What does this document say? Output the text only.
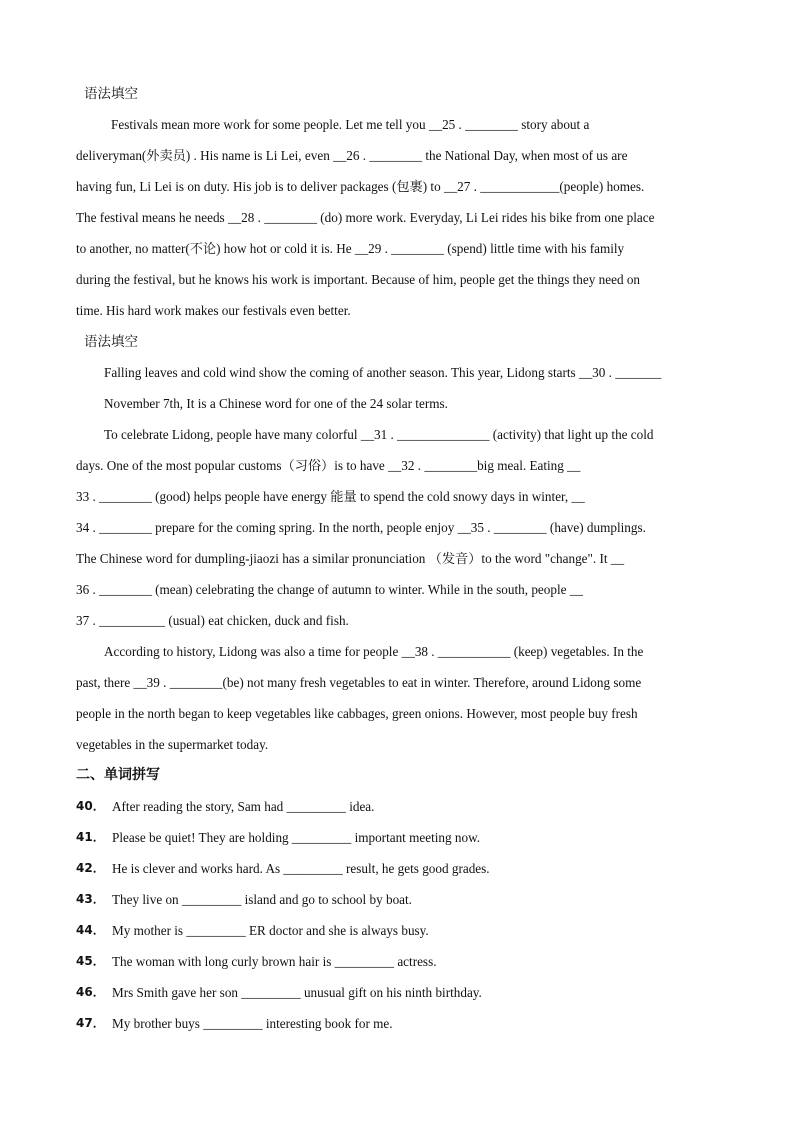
语法填空
Festivals mean more work for some people. Let me tell you __25 . ________ story about a
deliveryman(外卖员) . His name is Li Lei, even __26 . ________ the National Day, when most of us are
having fun, Li Lei is on duty. His job is to deliver packages (包裹) to __27 . ____________(people) homes.
The festival means he needs __28 . ________ (do) more work. Everyday, Li Lei rides his bike from one place
to another, no matter(不论) how hot or cold it is. He __29 . ________ (spend) little time with his family
during the festival, but he knows his work is important. Because of him, people get the things they need on
time. His hard work makes our festivals even better.
语法填空
Falling leaves and cold wind show the coming of another season. This year, Lidong starts __30 . _______
November 7th, It is a Chinese word for one of the 24 solar terms.
To celebrate Lidong, people have many colorful __31 . ______________ (activity) that light up the cold
days. One of the most popular customs（习俗）is to have __32 . ________big meal. Eating __
33 . ________ (good) helps people have energy 能量 to spend the cold snowy days in winter, __
34 . ________ prepare for the coming spring. In the north, people enjoy __35 . ________ (have) dumplings.
The Chinese word for dumpling-jiaozi has a similar pronunciation （发音）to the word "change". It __
36 . ________ (mean) celebrating the change of autumn to winter. While in the south, people __
37 . __________ (usual) eat chicken, duck and fish.
According to history, Lidong was also a time for people __38 . ___________ (keep) vegetables. In the
past, there __39 . ________(be) not many fresh vegetables to eat in winter. Therefore, around Lidong some
people in the north began to keep vegetables like cabbages, green onions. However, most people buy fresh
vegetables in the supermarket today.
二、单词拼写
40． After reading the story, Sam had _________ idea.
41． Please be quiet! They are holding _________ important meeting now.
42． He is clever and works hard. As _________ result, he gets good grades.
43． They live on _________ island and go to school by boat.
44． My mother is _________ ER doctor and she is always busy.
45． The woman with long curly brown hair is _________ actress.
46． Mrs Smith gave her son _________ unusual gift on his ninth birthday.
47． My brother buys _________ interesting book for me.
